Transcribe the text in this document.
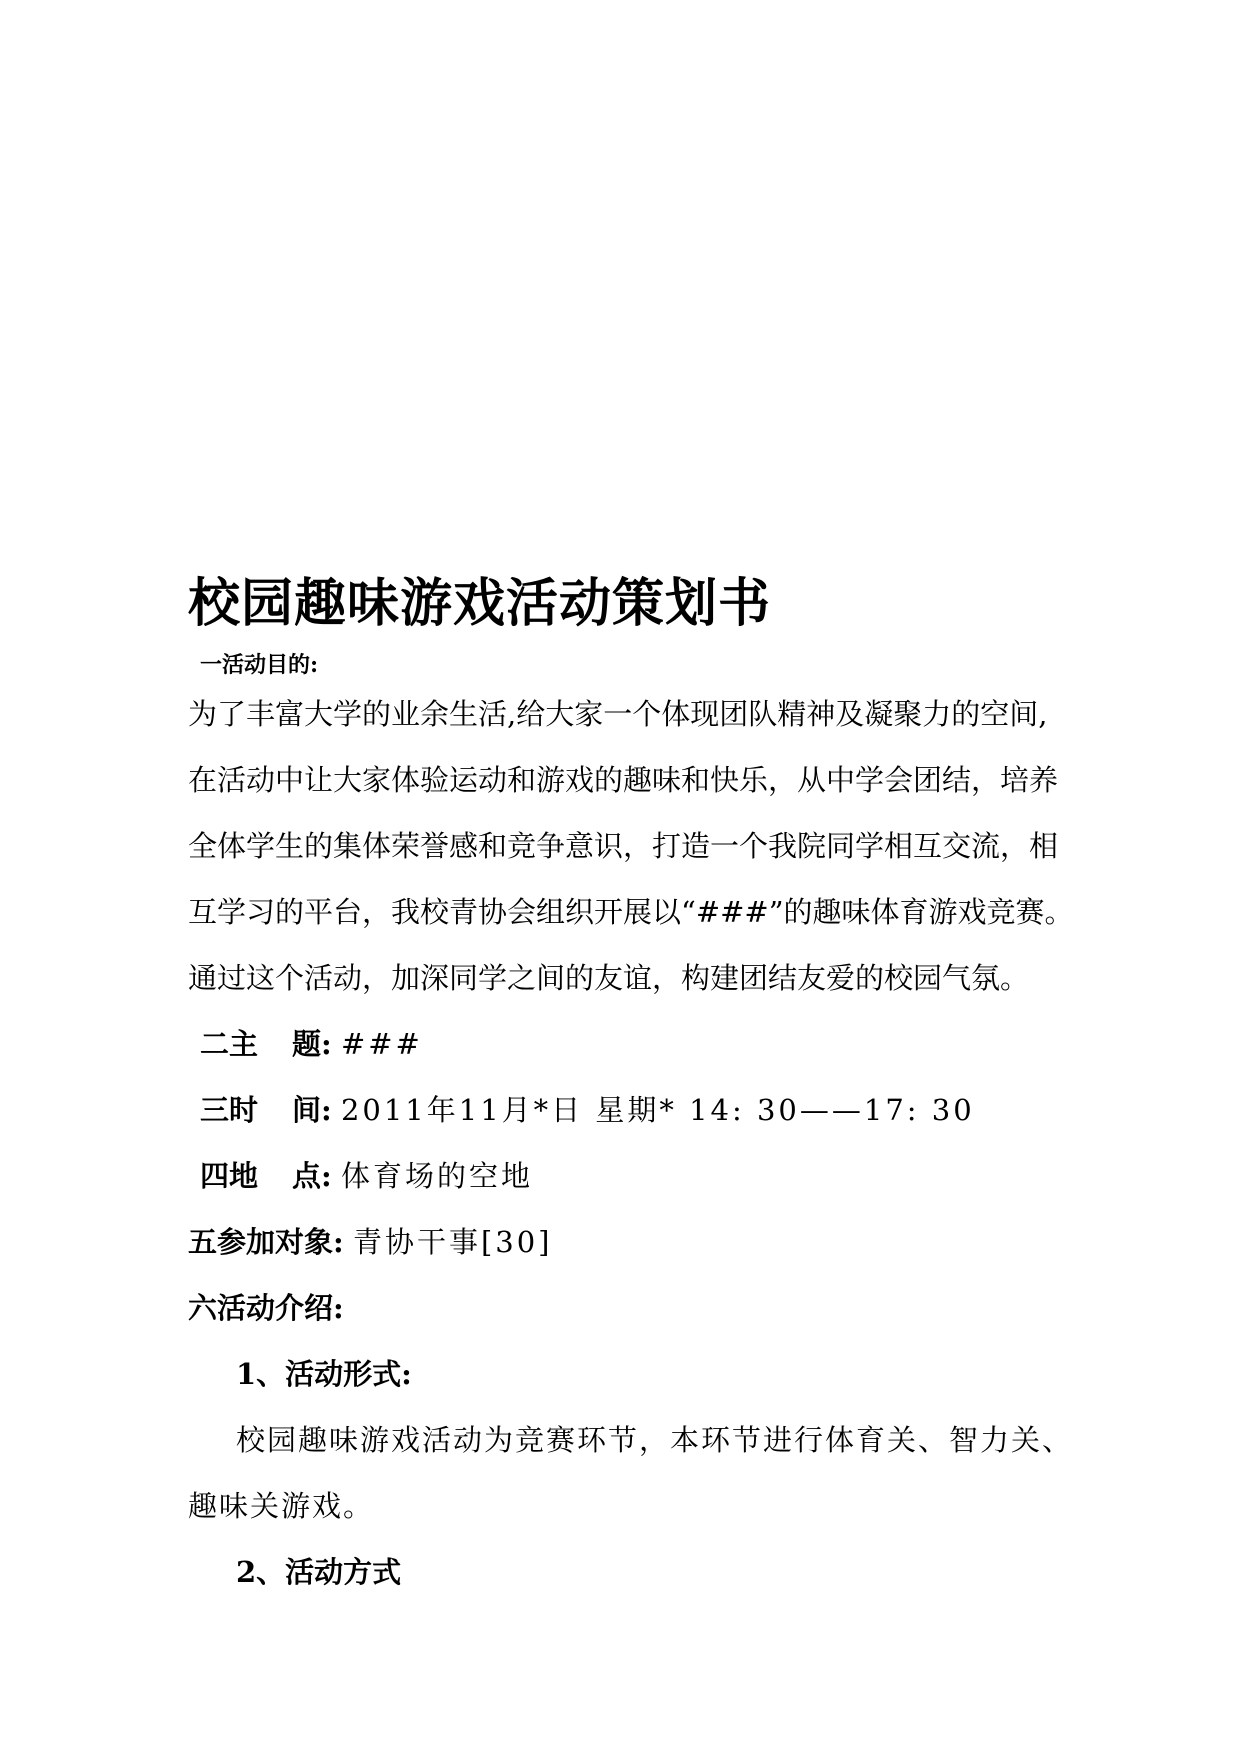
校园趣味游戏活动策划书
一活动目的:
为了丰富大学的业余生活,给大家一个体现团队精神及凝聚力的空间,
在活动中让大家体验运动和游戏的趣味和快乐，从中学会团结，培养
全体学生的集体荣誉感和竞争意识，打造一个我院同学相互交流，相
互学习的平台，我校青协会组织开展以“###”的趣味体育游戏竞赛。
通过这个活动，加深同学之间的友谊，构建团结友爱的校园气氛。
二主 题: ###
三时 间: 2011年11月*日 星期* 14: 30——17: 30
四地 点: 体育场的空地
五参加对象: 青协干事[30]
六活动介绍:
1、活动形式:
校园趣味游戏活动为竞赛环节，本环节进行体育关、智力关、
趣味关游戏。
2、活动方式
